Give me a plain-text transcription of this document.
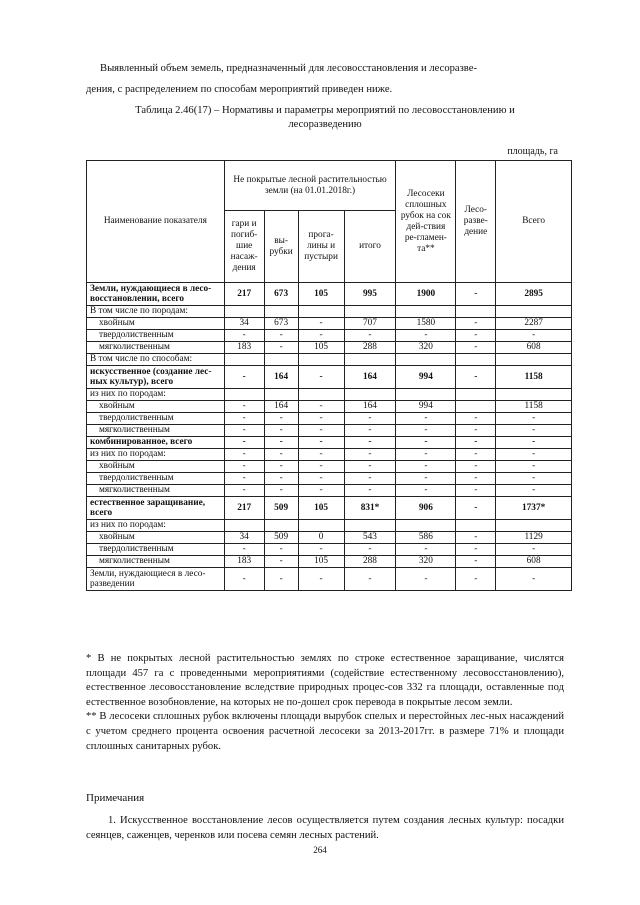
Выявленный объем земель, предназначенный для лесовосстановления и лесоразве-
дения, с распределением по способам мероприятий приведен ниже.
Таблица 2.46(17) – Нормативы и параметры мероприятий по лесовосстановлению и
лесоразведению
площадь, га
Наименование показателя	Не покрытые лесной растительностью земли (на 01.01.2018г.)				Лесосеки сплошных рубок на сок дей-ствия ре-гламен-та**	Лесо-разве-дение	Всего
	гари и погиб-шие насаж-дения	вы-рубки	прога-лины и пустыри	итого			
Земли, нуждающиеся в лесо-восстановлении, всего	217	673	105	995	1900	-	2895
В том числе по породам:							
хвойным	34	673	-	707	1580	-	2287
твердолиственным	-	-	-	-	-	-	-
мягколиственным	183	-	105	288	320	-	608
В том числе по способам:							
искусственное (создание лес-ных культур), всего	-	164	-	164	994	-	1158
из них по породам:							
хвойным	-	164	-	164	994		1158
твердолиственным	-	-	-	-	-	-	-
мягколиственным	-	-	-	-	-	-	-
комбинированное, всего	-	-	-	-	-	-	-
из них по породам:	-	-	-	-	-	-	-
хвойным	-	-	-	-	-	-	-
твердолиственным	-	-	-	-	-	-	-
мягколиственным	-	-	-	-	-	-	-
естественное заращивание, всего	217	509	105	831*	906	-	1737*
из них по породам:							
хвойным	34	509	0	543	586	-	1129
твердолиственным	-	-	-	-	-	-	-
мягколиственным	183	-	105	288	320	-	608
Земли, нуждающиеся в лесо-разведении	-	-	-	-	-	-	-

* В не покрытых лесной растительностью землях по строке естественное заращивание, числятся площади 457 га с проведенными мероприятиями (содействие естественному лесовосстановлению), естественное лесовосстановление вследствие природных процес-сов 332 га площади, оставленные под естественное возобновление, на которых не по-дошел срок перевода в покрытые лесом земли.

** В лесосеки сплошных рубок включены площади вырубок спелых и перестойных лес-ных насаждений с учетом среднего процента освоения расчетной лесосеки за 2013-2017гг. в размере 71% и площади сплошных санитарных рубок.

Примечания
1. Искусственное восстановление лесов осуществляется путем создания лесных культур: посадки сеянцев, саженцев, черенков или посева семян лесных растений.
264
